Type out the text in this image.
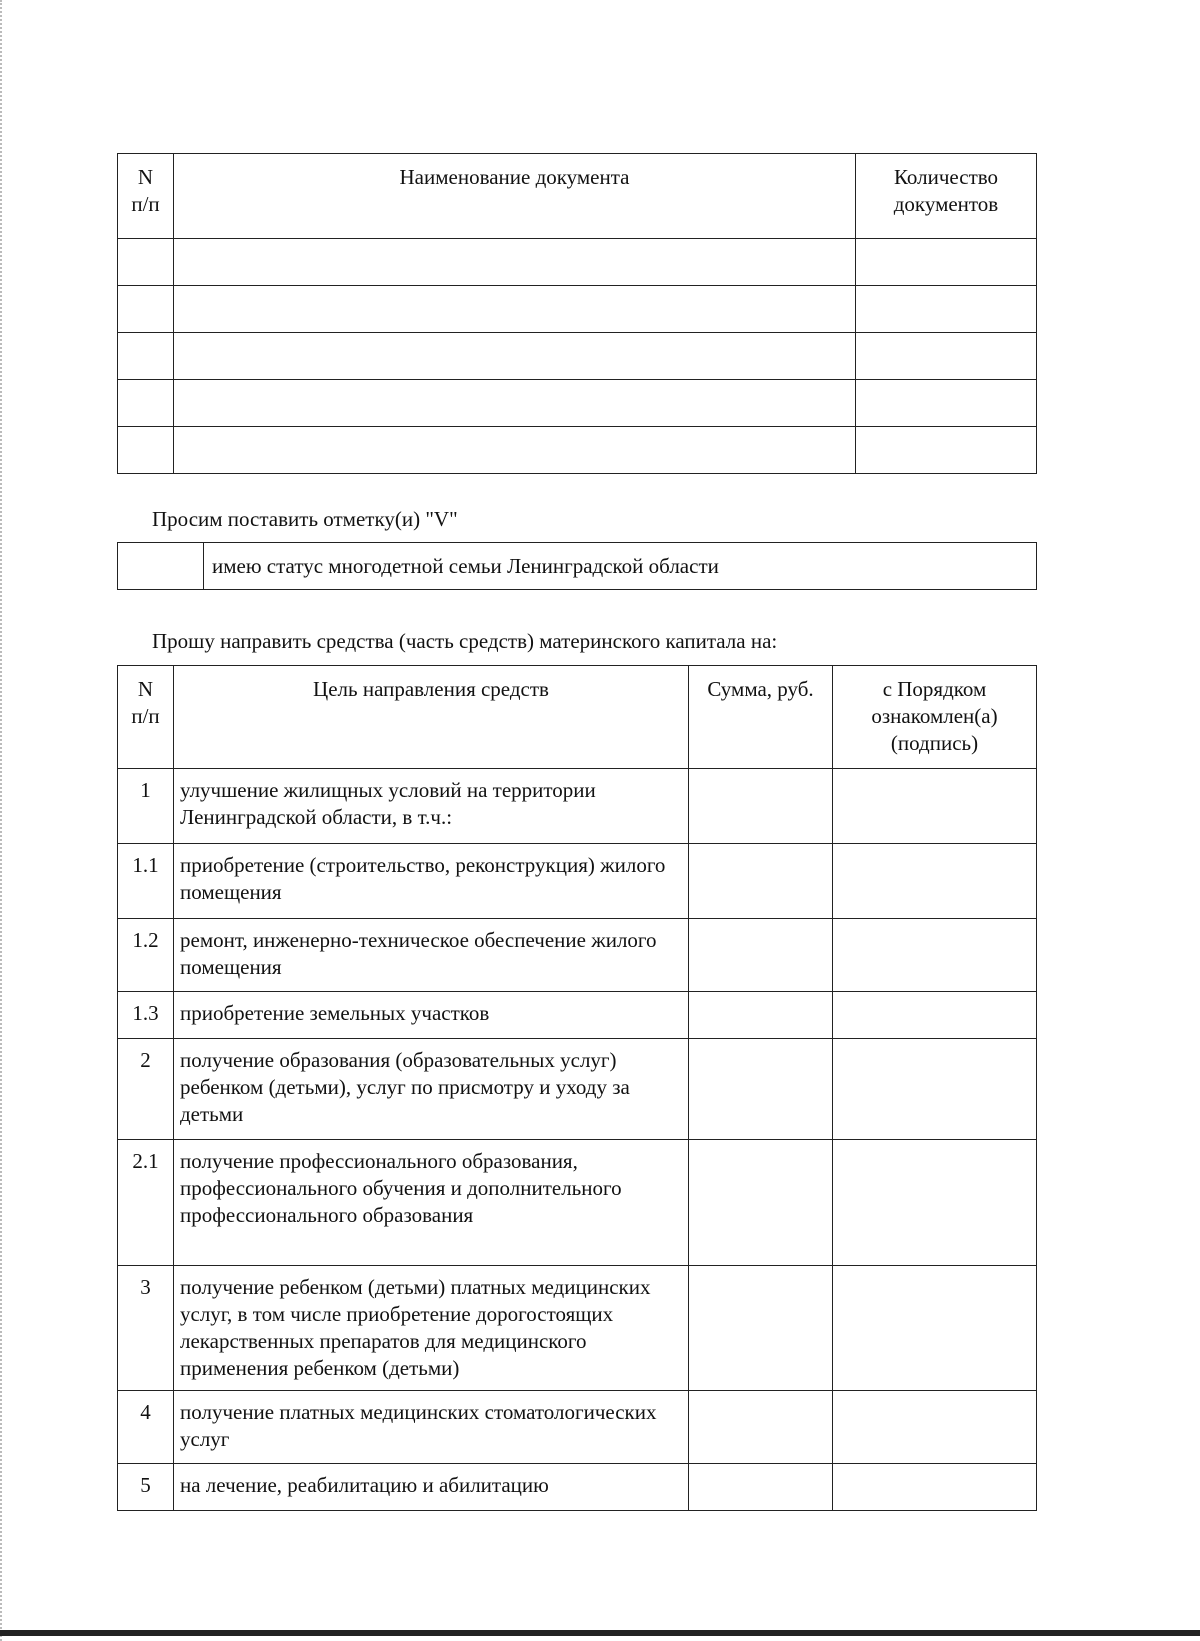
N
п/п	Наименование документа	Количество
документов

Просим поставить отметку(и) "V"
	имею статус многодетной семьи Ленинградской области
Прошу направить средства (часть средств) материнского капитала на:
N
п/п	Цель направления средств	Сумма, руб.	с Порядком
ознакомлен(а)
(подпись)
1	улучшение жилищных условий на территории Ленинградской области, в т.ч.:		
1.1	приобретение (строительство, реконструкция) жилого помещения		
1.2	ремонт, инженерно-техническое обеспечение жилого помещения		
1.3	приобретение земельных участков		
2	получение образования (образовательных услуг) ребенком (детьми), услуг по присмотру и уходу за детьми		
2.1	получение профессионального образования, профессионального обучения и дополнительного профессионального образования		
3	получение ребенком (детьми) платных медицинских услуг, в том числе приобретение дорогостоящих лекарственных препаратов для медицинского применения ребенком (детьми)		
4	получение платных медицинских стоматологических услуг		
5	на лечение, реабилитацию и абилитацию		
